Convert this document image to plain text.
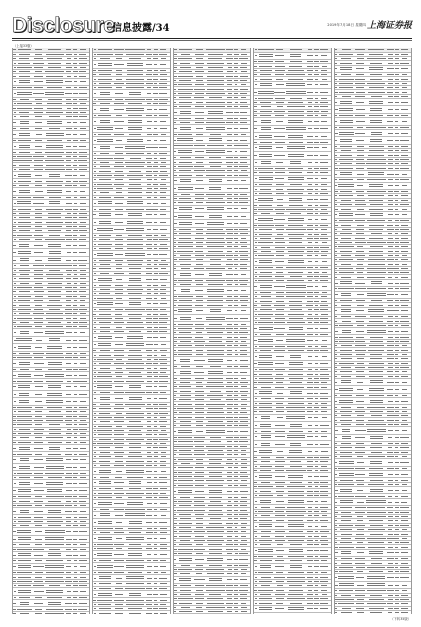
Disclosure
信息披露/34	2019年7月18日 星期四 上海证券报
（上接33版）
（下转35版）
